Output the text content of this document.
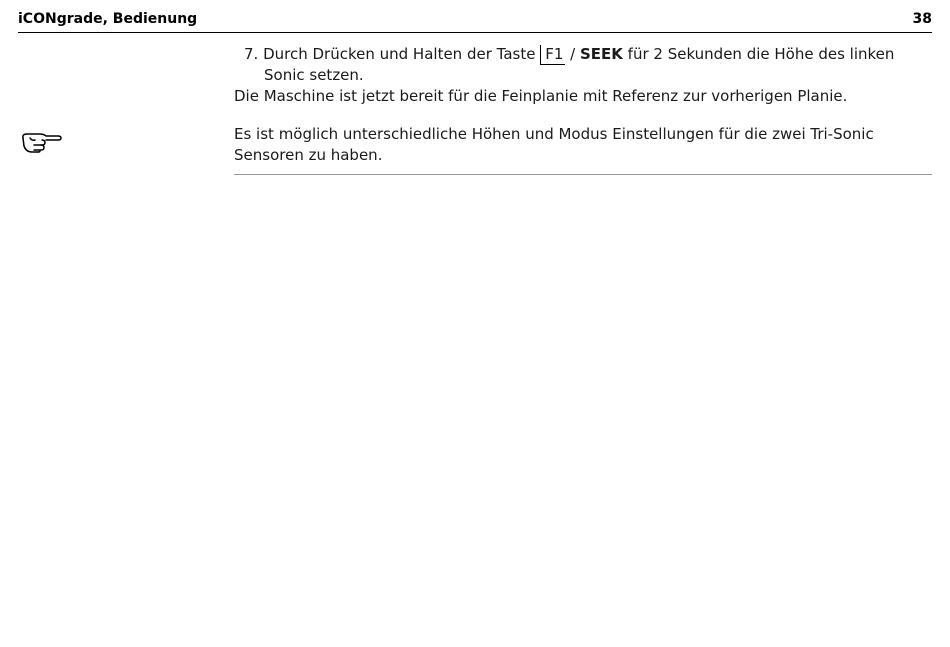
iCONgrade, Bedienung	38

7. Durch Drücken und Halten der Taste F1 / SEEK für 2 Sekunden die Höhe des linken Sonic setzen.

Die Maschine ist jetzt bereit für die Feinplanie mit Referenz zur vorherigen Planie.

Es ist möglich unterschiedliche Höhen und Modus Einstellungen für die zwei Tri-Sonic Sensoren zu haben.
